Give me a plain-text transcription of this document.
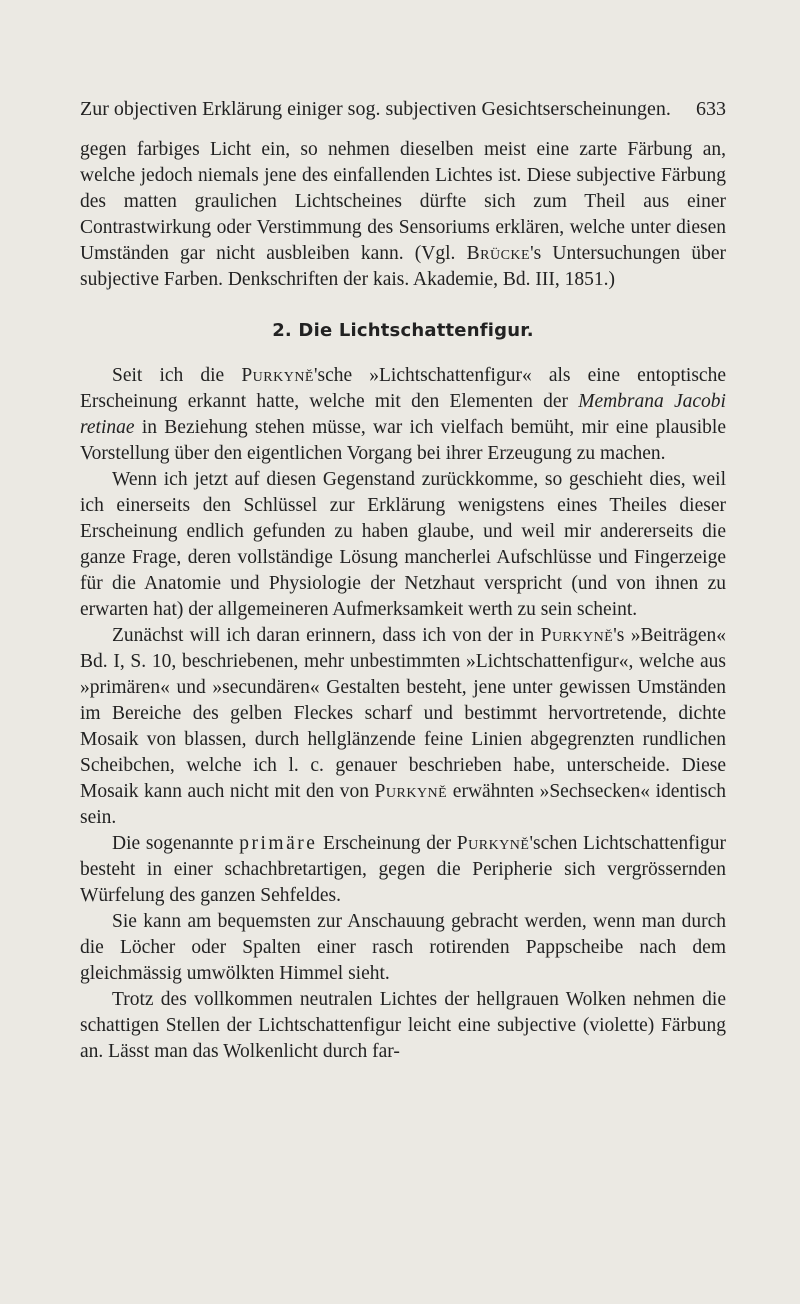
Zur objectiven Erklärung einiger sog. subjectiven Gesichtserscheinungen. 633

gegen farbiges Licht ein, so nehmen dieselben meist eine zarte Färbung an, welche jedoch niemals jene des einfallenden Lichtes ist. Diese subjective Färbung des matten graulichen Lichtscheines dürfte sich zum Theil aus einer Contrastwirkung oder Verstimmung des Sensoriums erklären, welche unter diesen Umständen gar nicht ausbleiben kann. (Vgl. Brücke's Untersuchungen über subjective Farben. Denkschriften der kais. Akademie, Bd. III, 1851.)

2. Die Lichtschattenfigur.

Seit ich die Purkyně'sche »Lichtschattenfigur« als eine entoptische Erscheinung erkannt hatte, welche mit den Elementen der Membrana Jacobi retinae in Beziehung stehen müsse, war ich vielfach bemüht, mir eine plausible Vorstellung über den eigentlichen Vorgang bei ihrer Erzeugung zu machen.

Wenn ich jetzt auf diesen Gegenstand zurückkomme, so geschieht dies, weil ich einerseits den Schlüssel zur Erklärung wenigstens eines Theiles dieser Erscheinung endlich gefunden zu haben glaube, und weil mir andererseits die ganze Frage, deren vollständige Lösung mancherlei Aufschlüsse und Fingerzeige für die Anatomie und Physiologie der Netzhaut verspricht (und von ihnen zu erwarten hat) der allgemeineren Aufmerksamkeit werth zu sein scheint.

Zunächst will ich daran erinnern, dass ich von der in Purkyně's »Beiträgen« Bd. I, S. 10, beschriebenen, mehr unbestimmten »Lichtschattenfigur«, welche aus »primären« und »secundären« Gestalten besteht, jene unter gewissen Umständen im Bereiche des gelben Fleckes scharf und bestimmt hervortretende, dichte Mosaik von blassen, durch hellglänzende feine Linien abgegrenzten rundlichen Scheibchen, welche ich l. c. genauer beschrieben habe, unterscheide. Diese Mosaik kann auch nicht mit den von Purkyně erwähnten »Sechsecken« identisch sein.

Die sogenannte primäre Erscheinung der Purkyně'schen Lichtschattenfigur besteht in einer schachbretartigen, gegen die Peripherie sich vergrössernden Würfelung des ganzen Sehfeldes.

Sie kann am bequemsten zur Anschauung gebracht werden, wenn man durch die Löcher oder Spalten einer rasch rotirenden Pappscheibe nach dem gleichmässig umwölkten Himmel sieht.

Trotz des vollkommen neutralen Lichtes der hellgrauen Wolken nehmen die schattigen Stellen der Lichtschattenfigur leicht eine subjective (violette) Färbung an. Lässt man das Wolkenlicht durch far-
